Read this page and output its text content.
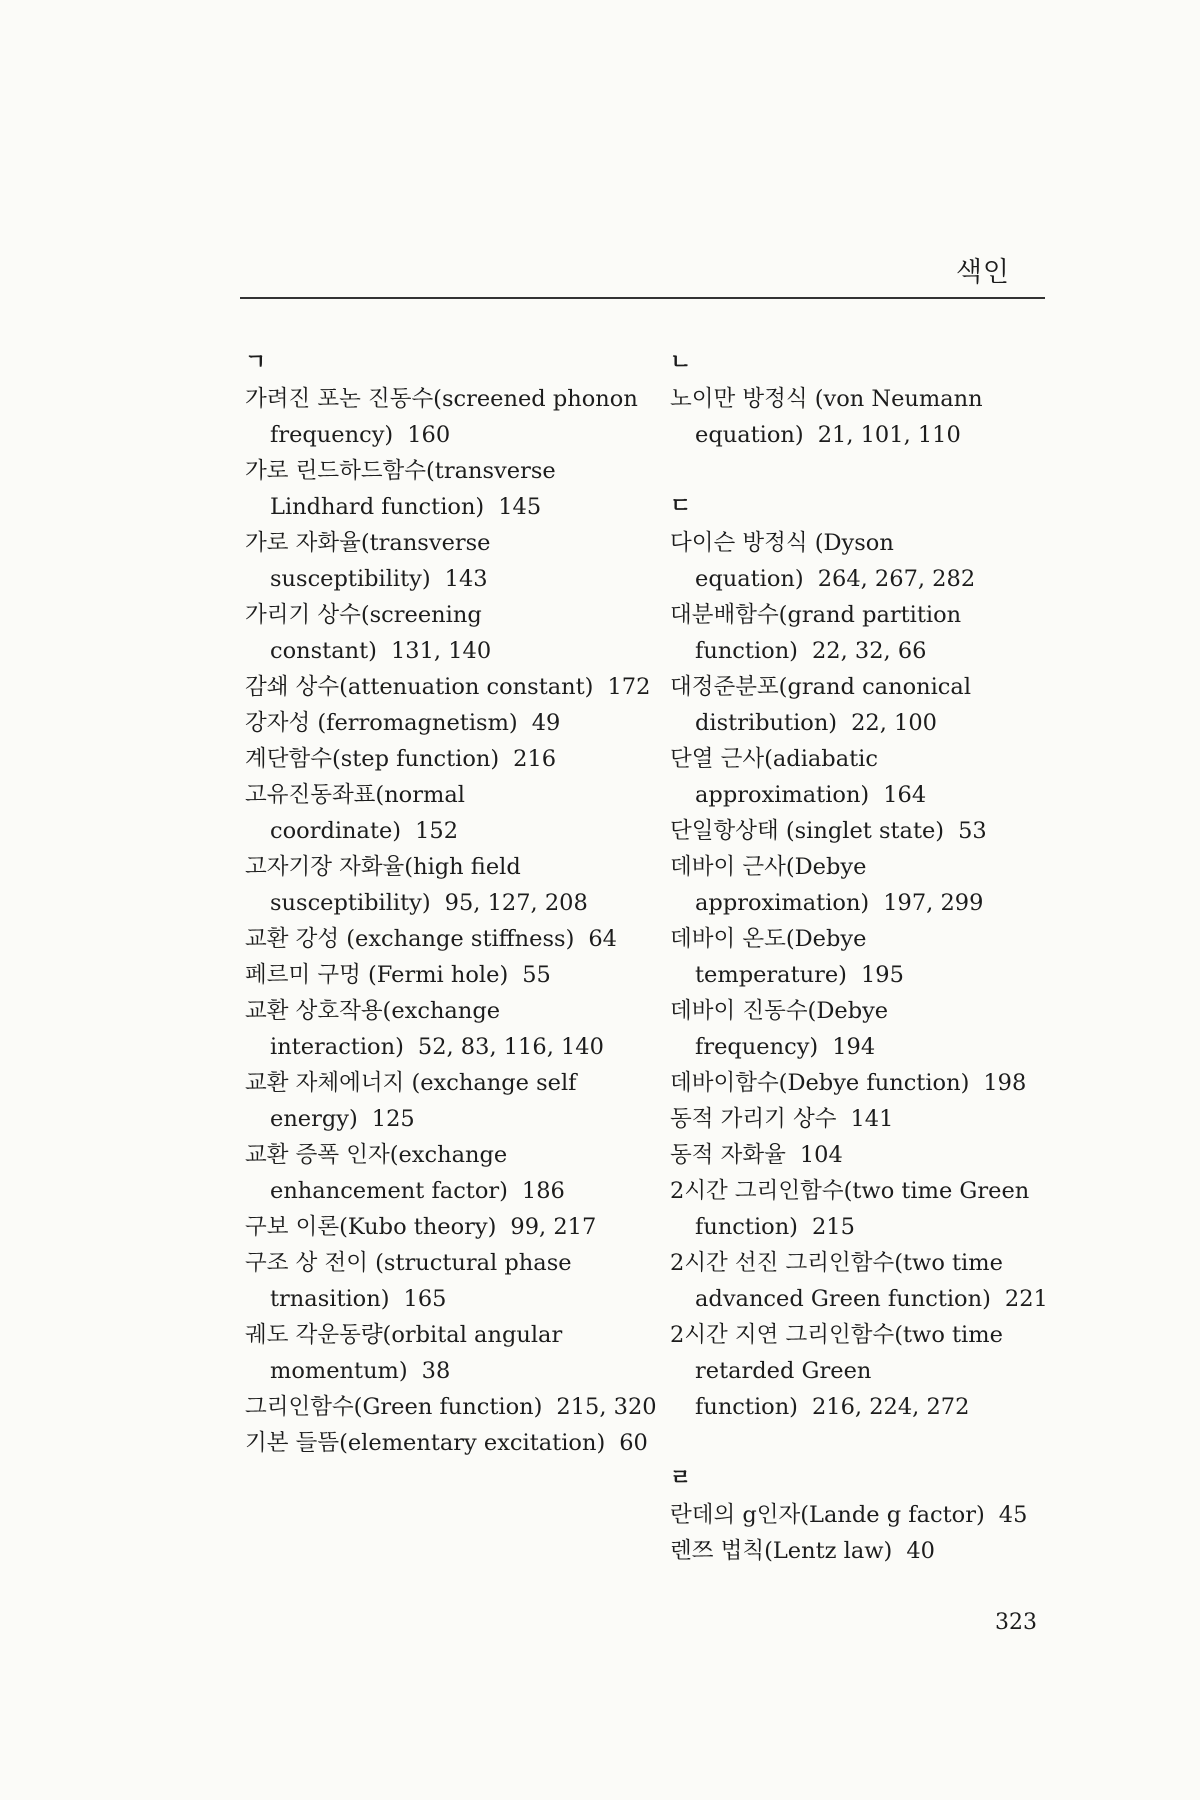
색인
ㄱ
가려진 포논 진동수(screened phonon frequency) 160
가로 린드하드함수(transverse Lindhard function) 145
가로 자화율(transverse susceptibility) 143
가리기 상수(screening constant) 131, 140
감쇄 상수(attenuation constant) 172
강자성 (ferromagnetism) 49
계단함수(step function) 216
고유진동좌표(normal coordinate) 152
고자기장 자화율(high field susceptibility) 95, 127, 208
교환 강성 (exchange stiffness) 64
페르미 구멍 (Fermi hole) 55
교환 상호작용(exchange interaction) 52, 83, 116, 140
교환 자체에너지 (exchange self energy) 125
교환 증폭 인자(exchange enhancement factor) 186
구보 이론(Kubo theory) 99, 217
구조 상 전이 (structural phase trnasition) 165
궤도 각운동량(orbital angular momentum) 38
그리인함수(Green function) 215, 320
기본 들뜸(elementary excitation) 60
ㄴ
노이만 방정식 (von Neumann equation) 21, 101, 110
ㄷ
다이슨 방정식 (Dyson equation) 264, 267, 282
대분배함수(grand partition function) 22, 32, 66
대정준분포(grand canonical distribution) 22, 100
단열 근사(adiabatic approximation) 164
단일항상태 (singlet state) 53
데바이 근사(Debye approximation) 197, 299
데바이 온도(Debye temperature) 195
데바이 진동수(Debye frequency) 194
데바이함수(Debye function) 198
동적 가리기 상수 141
동적 자화율 104
2시간 그리인함수(two time Green function) 215
2시간 선진 그리인함수(two time advanced Green function) 221
2시간 지연 그리인함수(two time retarded Green function) 216, 224, 272
ㄹ
란데의 g인자(Lande g factor) 45
렌쯔 법칙(Lentz law) 40
323
